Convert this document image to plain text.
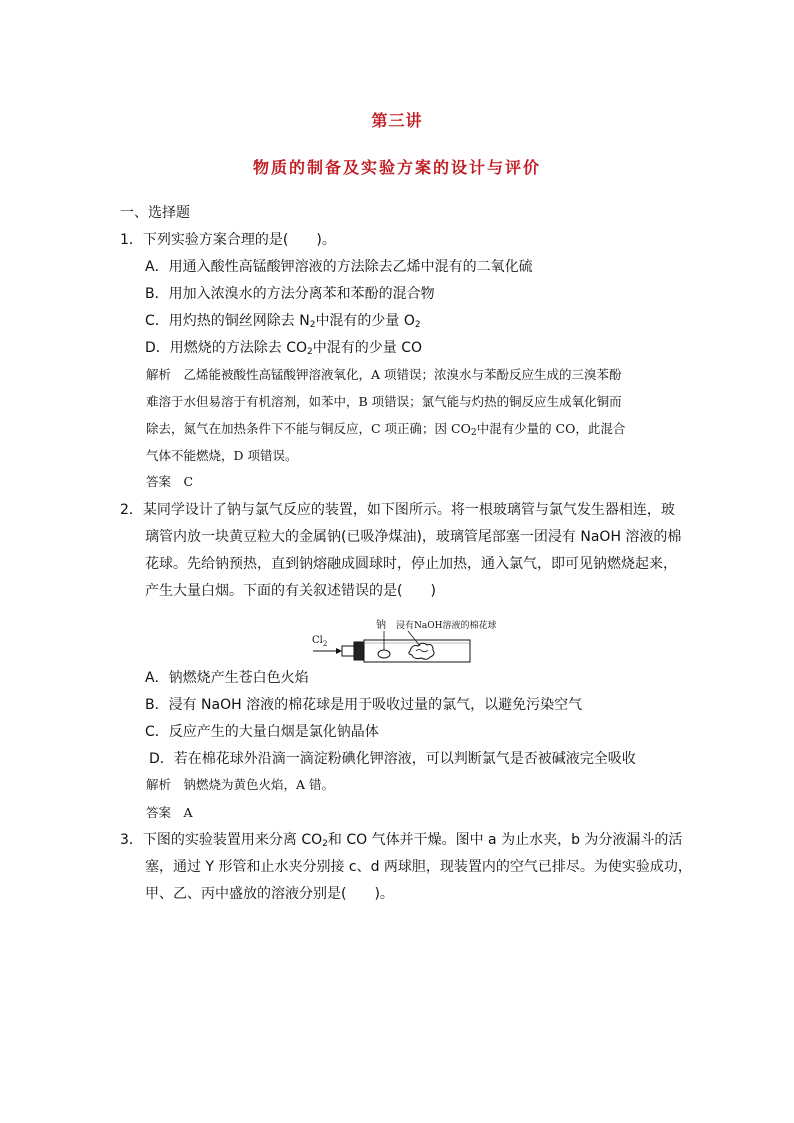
第三讲
物质的制备及实验方案的设计与评价
一、选择题
1．下列实验方案合理的是(　　)。
A．用通入酸性高锰酸钾溶液的方法除去乙烯中混有的二氧化硫
B．用加入浓溴水的方法分离苯和苯酚的混合物
C．用灼热的铜丝网除去 $N_2$中混有的少量 $O_2$
D．用燃烧的方法除去 $CO_2$中混有的少量 CO
解析　乙烯能被酸性高锰酸钾溶液氧化，A 项错误；浓溴水与苯酚反应生成的三溴苯酚
难溶于水但易溶于有机溶剂，如苯中，B 项错误；氯气能与灼热的铜反应生成氧化铜而
除去，氮气在加热条件下不能与铜反应，C 项正确；因 $CO_2$中混有少量的 CO，此混合
气体不能燃烧，D 项错误。
答案　C
2．某同学设计了钠与氯气反应的装置，如下图所示。将一根玻璃管与氯气发生器相连，玻
璃管内放一块黄豆粒大的金属钠(已吸净煤油)，玻璃管尾部塞一团浸有 NaOH 溶液的棉
花球。先给钠预热，直到钠熔融成圆球时，停止加热，通入氯气，即可见钠燃烧起来，
产生大量白烟。下面的有关叙述错误的是(　　)
$Cl_2$
钠 浸有NaOH溶液的棉花球
A．钠燃烧产生苍白色火焰
B．浸有 NaOH 溶液的棉花球是用于吸收过量的氯气，以避免污染空气
C．反应产生的大量白烟是氯化钠晶体
D．若在棉花球外沿滴一滴淀粉碘化钾溶液，可以判断氯气是否被碱液完全吸收
解析　钠燃烧为黄色火焰，A 错。
答案　A
3．下图的实验装置用来分离 $CO_2$和 CO 气体并干燥。图中 a 为止水夹，b 为分液漏斗的活
塞，通过 Y 形管和止水夹分别接 c、d 两球胆，现装置内的空气已排尽。为使实验成功，
甲、乙、丙中盛放的溶液分别是(　　)。
